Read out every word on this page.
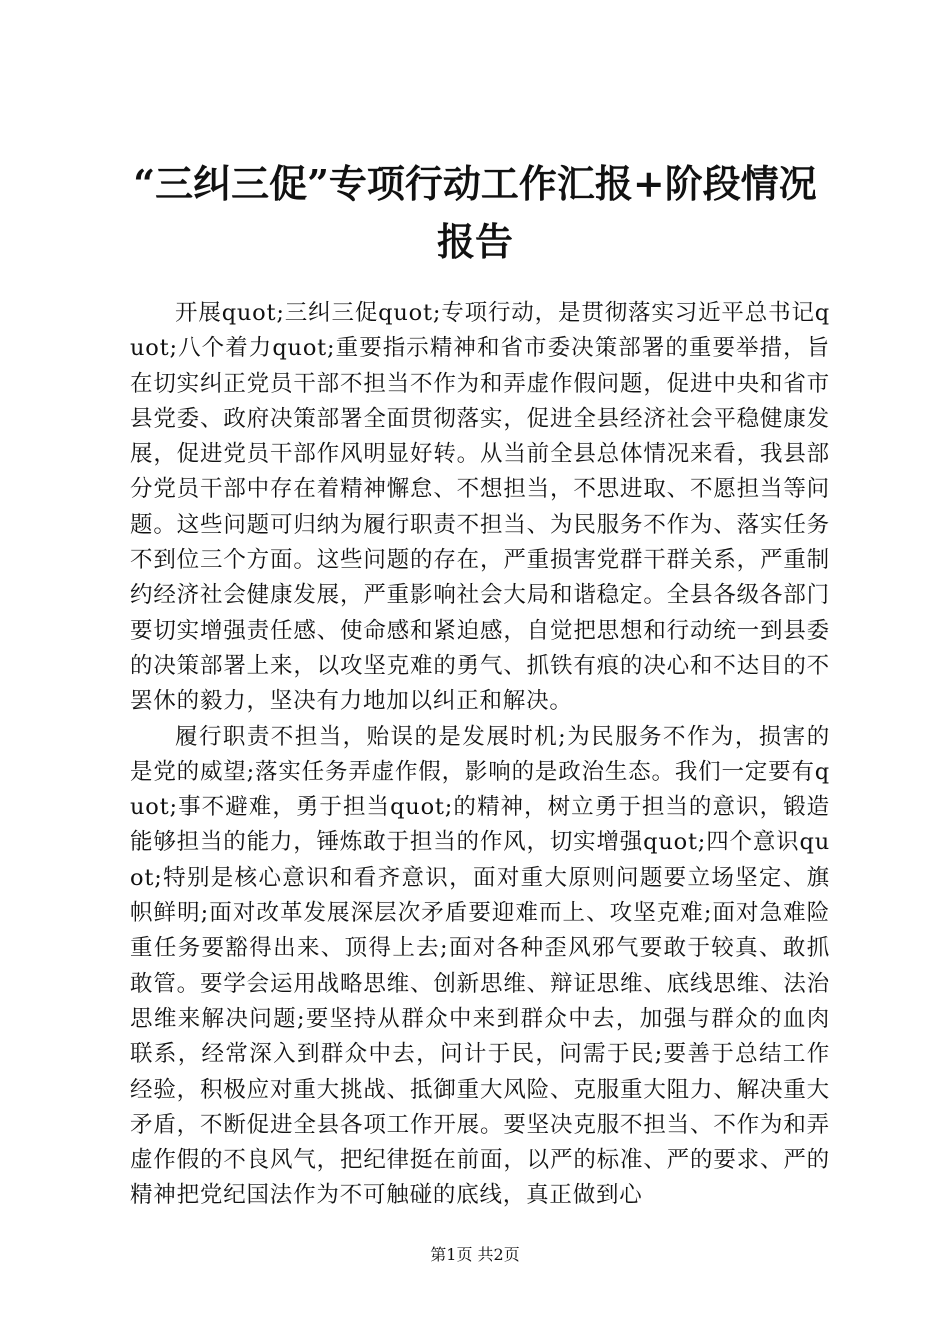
“三纠三促”专项行动工作汇报+阶段情况报告

开展quot;三纠三促quot;专项行动，是贯彻落实习近平总书记quot;八个着力quot;重要指示精神和省市委决策部署的重要举措，旨在切实纠正党员干部不担当不作为和弄虚作假问题，促进中央和省市县党委、政府决策部署全面贯彻落实，促进全县经济社会平稳健康发展，促进党员干部作风明显好转。从当前全县总体情况来看，我县部分党员干部中存在着精神懈怠、不想担当，不思进取、不愿担当等问题。这些问题可归纳为履行职责不担当、为民服务不作为、落实任务不到位三个方面。这些问题的存在，严重损害党群干群关系，严重制约经济社会健康发展，严重影响社会大局和谐稳定。全县各级各部门要切实增强责任感、使命感和紧迫感，自觉把思想和行动统一到县委的决策部署上来，以攻坚克难的勇气、抓铁有痕的决心和不达目的不罢休的毅力，坚决有力地加以纠正和解决。

履行职责不担当，贻误的是发展时机;为民服务不作为，损害的是党的威望;落实任务弄虚作假，影响的是政治生态。我们一定要有quot;事不避难，勇于担当quot;的精神，树立勇于担当的意识，锻造能够担当的能力，锤炼敢于担当的作风，切实增强quot;四个意识quot;特别是核心意识和看齐意识，面对重大原则问题要立场坚定、旗帜鲜明;面对改革发展深层次矛盾要迎难而上、攻坚克难;面对急难险重任务要豁得出来、顶得上去;面对各种歪风邪气要敢于较真、敢抓敢管。要学会运用战略思维、创新思维、辩证思维、底线思维、法治思维来解决问题;要坚持从群众中来到群众中去，加强与群众的血肉联系，经常深入到群众中去，问计于民，问需于民;要善于总结工作经验，积极应对重大挑战、抵御重大风险、克服重大阻力、解决重大矛盾，不断促进全县各项工作开展。要坚决克服不担当、不作为和弄虚作假的不良风气，把纪律挺在前面，以严的标准、严的要求、严的精神把党纪国法作为不可触碰的底线，真正做到心

第1页 共2页
